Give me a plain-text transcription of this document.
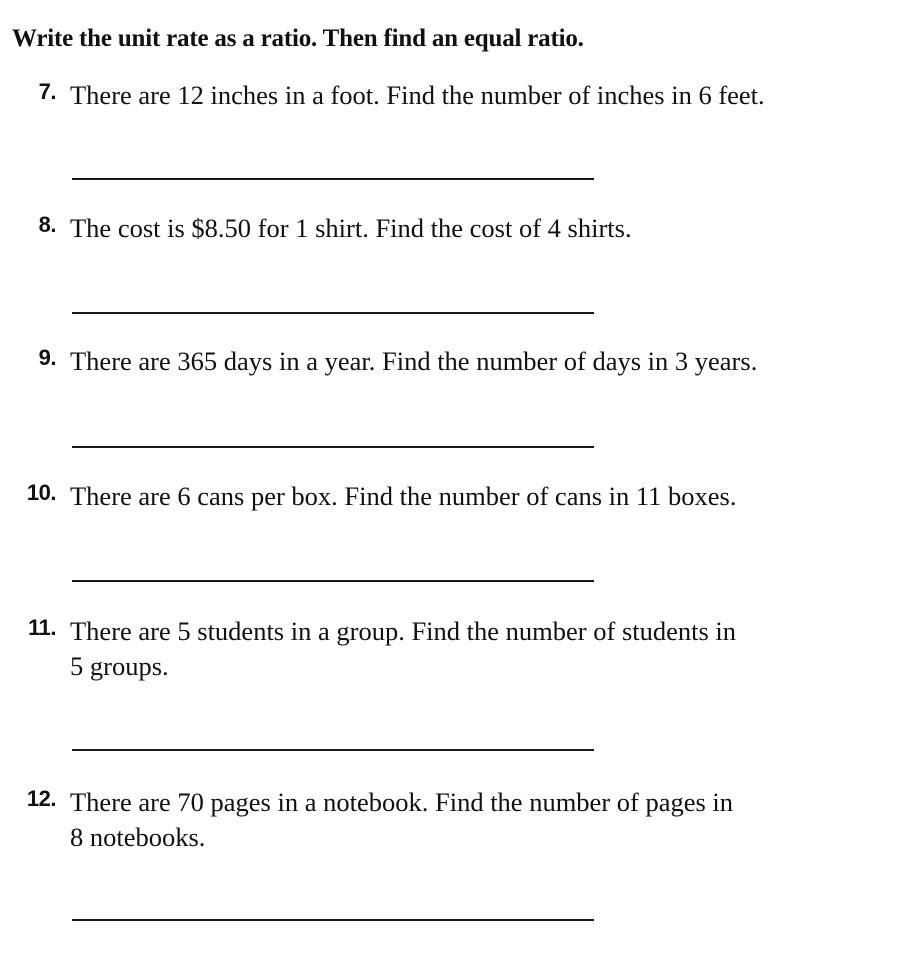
Write the unit rate as a ratio. Then find an equal ratio.
7. There are 12 inches in a foot. Find the number of inches in 6 feet.
8. The cost is $8.50 for 1 shirt. Find the cost of 4 shirts.
9. There are 365 days in a year. Find the number of days in 3 years.
10. There are 6 cans per box. Find the number of cans in 11 boxes.
11. There are 5 students in a group. Find the number of students in
5 groups.
12. There are 70 pages in a notebook. Find the number of pages in
8 notebooks.
